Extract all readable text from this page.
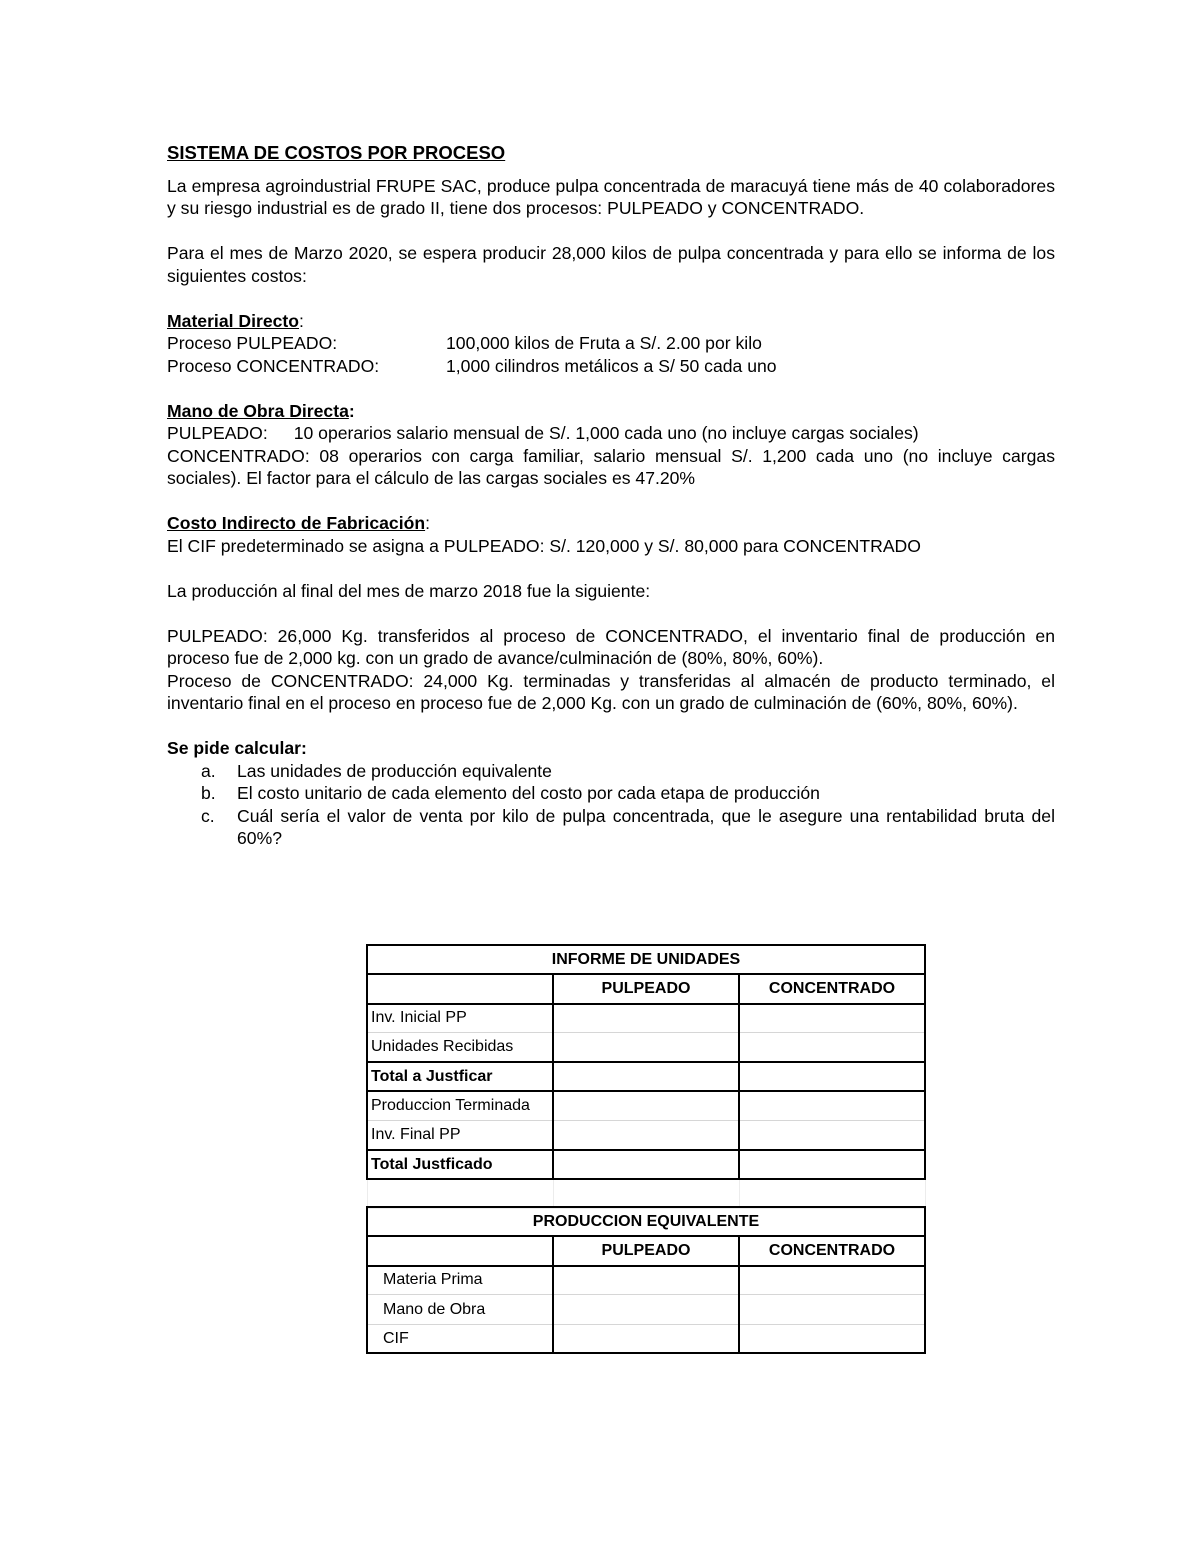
SISTEMA DE COSTOS POR PROCESO

La empresa agroindustrial FRUPE SAC, produce pulpa concentrada de maracuyá tiene más de 40 colaboradores y su riesgo industrial es de grado II, tiene dos procesos: PULPEADO y CONCENTRADO.

Para el mes de Marzo 2020, se espera producir 28,000 kilos de pulpa concentrada y para ello se informa de los siguientes costos:

Material Directo:

Proceso PULPEADO:	100,000 kilos de Fruta a S/. 2.00 por kilo
Proceso CONCENTRADO:	1,000 cilindros metálicos a S/ 50 cada uno

Mano de Obra Directa:

PULPEADO: 10 operarios salario mensual de S/. 1,000 cada uno (no incluye cargas sociales)

CONCENTRADO: 08 operarios con carga familiar, salario mensual S/. 1,200 cada uno (no incluye cargas sociales). El factor para el cálculo de las cargas sociales es 47.20%

Costo Indirecto de Fabricación:

El CIF predeterminado se asigna a PULPEADO: S/. 120,000 y S/. 80,000 para CONCENTRADO

La producción al final del mes de marzo 2018 fue la siguiente:

PULPEADO: 26,000 Kg. transferidos al proceso de CONCENTRADO, el inventario final de producción en proceso fue de 2,000 kg. con un grado de avance/culminación de (80%, 80%, 60%).

Proceso de CONCENTRADO: 24,000 Kg. terminadas y transferidas al almacén de producto terminado, el inventario final en el proceso en proceso fue de 2,000 Kg. con un grado de culminación de (60%, 80%, 60%).

Se pide calcular:

a.	Las unidades de producción equivalente
b.	El costo unitario de cada elemento del costo por cada etapa de producción
c.	Cuál sería el valor de venta por kilo de pulpa concentrada, que le asegure una rentabilidad bruta del 60%?
INFORME DE UNIDADES		
	PULPEADO	CONCENTRADO
Inv. Inicial PP		
Unidades Recibidas		
Total a Justficar		
Produccion Terminada		
Inv. Final PP		
Total Justficado		

PRODUCCION EQUIVALENTE		
	PULPEADO	CONCENTRADO
Materia Prima		
Mano de Obra		
CIF		
